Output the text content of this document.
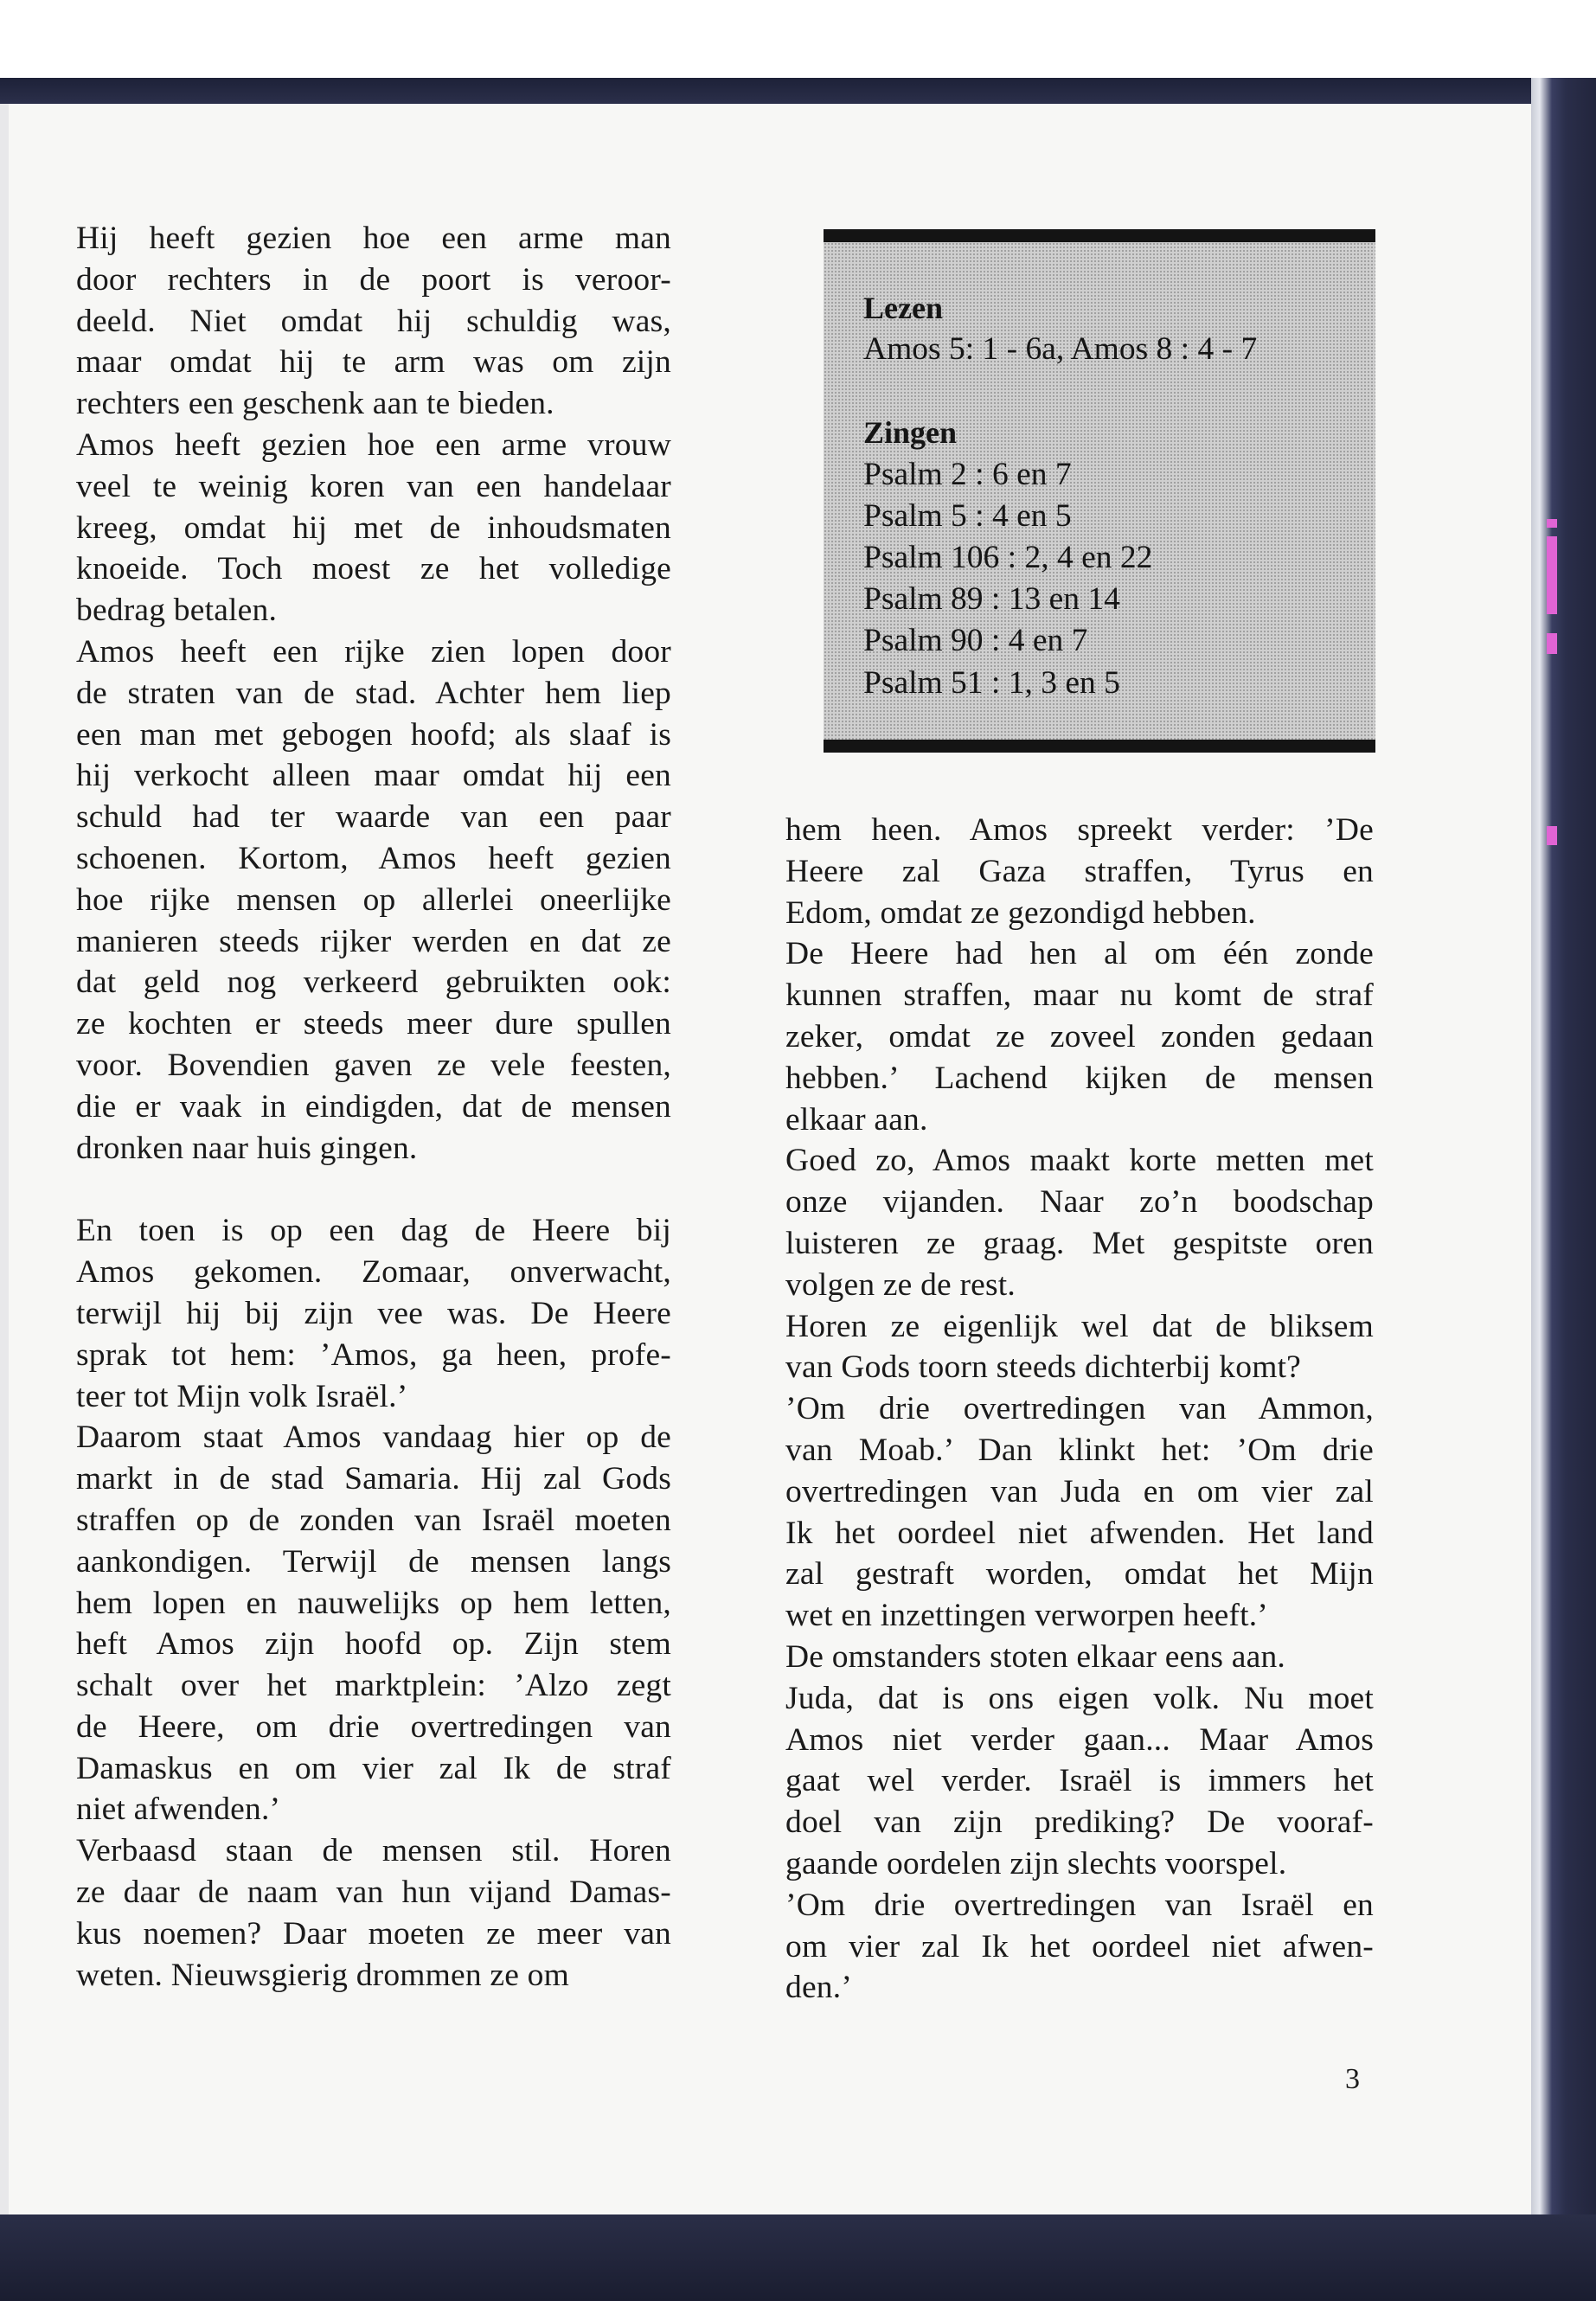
Hij heeft gezien hoe een arme man

door rechters in de poort is veroor-

deeld. Niet omdat hij schuldig was,

maar omdat hij te arm was om zijn

rechters een geschenk aan te bieden.

Amos heeft gezien hoe een arme vrouw

veel te weinig koren van een handelaar

kreeg, omdat hij met de inhoudsmaten

knoeide. Toch moest ze het volledige

bedrag betalen.

Amos heeft een rijke zien lopen door

de straten van de stad. Achter hem liep

een man met gebogen hoofd; als slaaf is

hij verkocht alleen maar omdat hij een

schuld had ter waarde van een paar

schoenen. Kortom, Amos heeft gezien

hoe rijke mensen op allerlei oneerlijke

manieren steeds rijker werden en dat ze

dat geld nog verkeerd gebruikten ook:

ze kochten er steeds meer dure spullen

voor. Bovendien gaven ze vele feesten,

die er vaak in eindigden, dat de mensen

dronken naar huis gingen.

En toen is op een dag de Heere bij

Amos gekomen. Zomaar, onverwacht,

terwijl hij bij zijn vee was. De Heere

sprak tot hem: ’Amos, ga heen, profe-

teer tot Mijn volk Israël.’

Daarom staat Amos vandaag hier op de

markt in de stad Samaria. Hij zal Gods

straffen op de zonden van Israël moeten

aankondigen. Terwijl de mensen langs

hem lopen en nauwelijks op hem letten,

heft Amos zijn hoofd op. Zijn stem

schalt over het marktplein: ’Alzo zegt

de Heere, om drie overtredingen van

Damaskus en om vier zal Ik de straf

niet afwenden.’

Verbaasd staan de mensen stil. Horen

ze daar de naam van hun vijand Damas-

kus noemen? Daar moeten ze meer van

weten. Nieuwsgierig drommen ze om

Lezen
Amos 5: 1 - 6a, Amos 8 : 4 - 7
Zingen
Psalm 2 : 6 en 7
Psalm 5 : 4 en 5
Psalm 106 : 2, 4 en 22
Psalm 89 : 13 en 14
Psalm 90 : 4 en 7
Psalm 51 : 1, 3 en 5

hem heen. Amos spreekt verder: ’De

Heere zal Gaza straffen, Tyrus en

Edom, omdat ze gezondigd hebben.

De Heere had hen al om één zonde

kunnen straffen, maar nu komt de straf

zeker, omdat ze zoveel zonden gedaan

hebben.’ Lachend kijken de mensen

elkaar aan.

Goed zo, Amos maakt korte metten met

onze vijanden. Naar zo’n boodschap

luisteren ze graag. Met gespitste oren

volgen ze de rest.

Horen ze eigenlijk wel dat de bliksem

van Gods toorn steeds dichterbij komt?

’Om drie overtredingen van Ammon,

van Moab.’ Dan klinkt het: ’Om drie

overtredingen van Juda en om vier zal

Ik het oordeel niet afwenden. Het land

zal gestraft worden, omdat het Mijn

wet en inzettingen verworpen heeft.’

De omstanders stoten elkaar eens aan.

Juda, dat is ons eigen volk. Nu moet

Amos niet verder gaan... Maar Amos

gaat wel verder. Israël is immers het

doel van zijn prediking? De vooraf-

gaande oordelen zijn slechts voorspel.

’Om drie overtredingen van Israël en

om vier zal Ik het oordeel niet afwen-

den.’

3
